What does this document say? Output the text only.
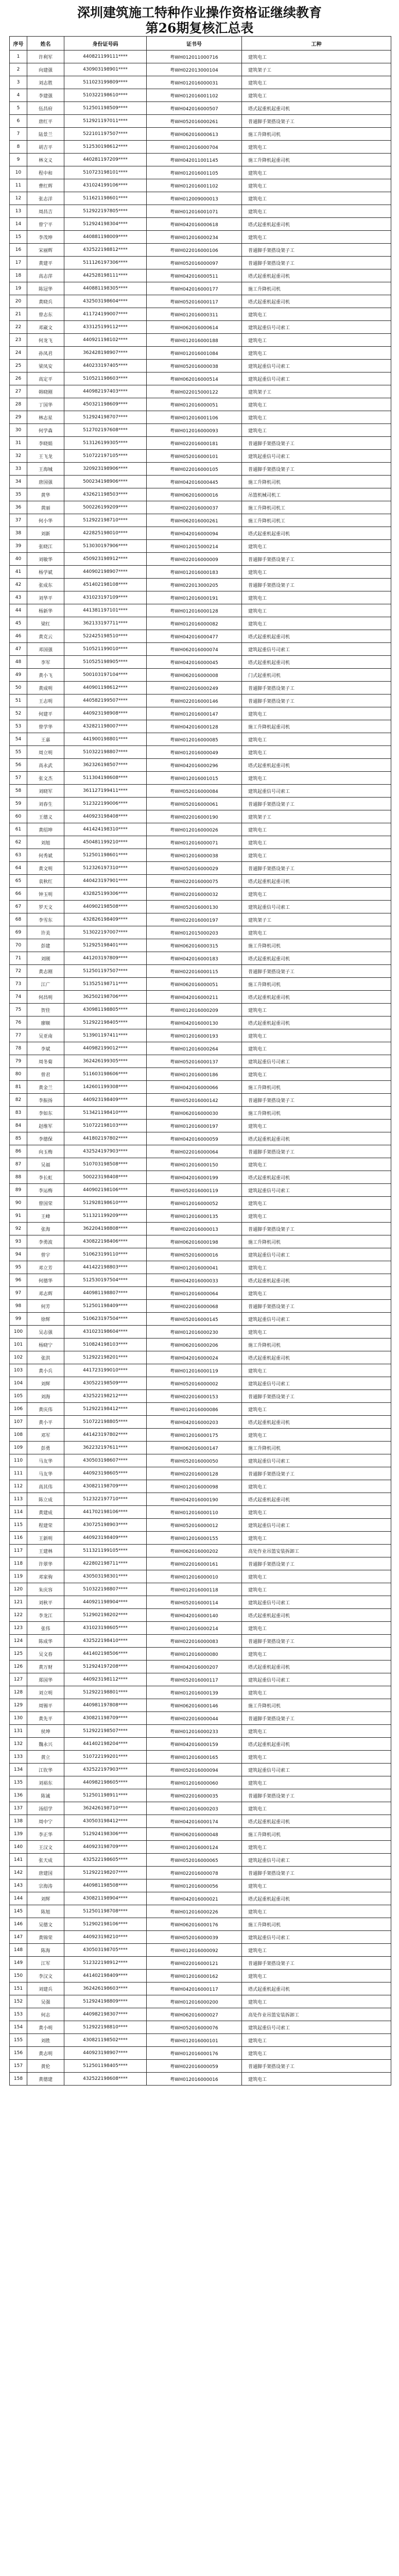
深圳建筑施工特种作业操作资格证继续教育
第26期复核汇总表
序号	姓名	身份证号码	证书号	工种
1	许利军	440821199111****	粤WH012011000716	建筑电工
2	向建强	430903198901****	粤WH022013000104	建筑架子工
3	刘志胜	511023199809****	粤WH012016000031	建筑电工
4	李建强	510322198610****	粤WH012016001102	建筑电工
5	伍昌府	512501198509****	粤WH042016000507	塔式起重机起重司机
6	唐红平	512921197011****	粤WH052016000261	普通脚手架搭设架子工
7	陆景兰	522101197507****	粤WH062016000613	施工升降机司机
8	胡吉平	512530198612****	粤WH012016000704	建筑电工
9	林文义	440281197209****	粤WH042011001145	施工升降机起重司机
10	程中和	510723198101****	粤WH012016001105	建筑电工
11	曹红辉	431024199106****	粤WH012016001102	建筑电工
12	张志洋	511621198601****	粤WH012009000013	建筑电工
13	周昌吉	512922197805****	粤WH012016001071	建筑电工
14	曾宁平	512924198304****	粤WH042016000618	塔式起重机起重司机
15	李茂坤	440881198009****	粤WH012016000234	建筑电工
16	宋丽辉	432522198812****	粤WH022016000106	普通脚手架搭设架子工
17	黄建平	511126197306****	粤WH052016000097	普通脚手架搭设架子工
18	高志萍	442528198111****	粤WH042016000511	塔式起重机起重司机
19	陈冠华	440881198305****	粤WH042016000177	施工升降机司机
20	黄晓兵	432503198604****	粤WH052016000117	塔式起重机起重司机
21	曾志东	411724199007****	粤WH012016000311	建筑电工
22	邓崴文	433125199112****	粤WH062016000614	建筑起重信号司索工
23	何龙飞	440921198102****	粤WH012016000188	建筑电工
24	孙凤君	362428198907****	粤WH012016001084	建筑电工
25	梁凤安	440233197405****	粤WH052016000038	建筑起重信号司索工
26	高定平	510521198603****	粤WH062016000514	建筑起重信号司索工
27	韩晓刚	440982197403****	粤WH022015000122	建筑架子工
28	丁国华	450321198609****	粤WH012016000051	建筑电工
29	林志星	512924198707****	粤WH012016001106	建筑电工
30	何学森	512702197608****	粤WH012016000093	建筑电工
31	李晓娟	513126199305****	粤WH022016000181	普通脚手架搭设架子工
32	王飞龙	510722197105****	粤WH052016000101	建筑起重信号司索工
33	王海城	320923198906****	粤WH022016000105	普通脚手架搭设架子工
34	唐国强	500234198906****	粤WH042016000445	施工升降机司机
35	黄华	432621198503****	粤WH062016000016	吊篮机械司机工
36	黄丽	500226199209****	粤WH022016000037	施工升降机司机工
37	何小华	512922198710****	粤WH062016000261	施工升降机司机工
38	刘新	422825198010****	粤WH042016000094	塔式起重机起重司机
39	张晓江	513030197906****	粤WH012015000214	建筑电工
40	刘敏华	450923198912****	粤WH022016000009	普通脚手架搭设架子工
41	杨学斌	440902198907****	粤WH012016000183	建筑电工
42	张成东	451402198108****	粤WH022013000205	普通脚手架搭设架子工
43	刘华平	431023197109****	粤WH012016000191	建筑电工
44	杨新华	441381197101****	粤WH012016000128	建筑电工
45	梁红	362133197711****	粤WH012016000082	建筑电工
46	黄克云	522425198510****	粤WH042016000477	塔式起重机起重司机
47	邓国强	510521199010****	粤WH062016000074	建筑起重信号司索工
48	李军	510525198905****	粤WH042016000045	塔式起重机起重司机
49	黄小飞	500103197104****	粤WH062016000008	门式起重机司机
50	黄成明	440901198612****	粤WH022016000249	普通脚手架搭设架子工
51	王志明	440582199507****	粤WH022016000146	普通脚手架搭设架子工
52	何建平	440923198908****	粤WH012016000147	建筑电工
53	曾学华	432821198007****	粤WH042016000128	施工升降机起重司机
54	王嘉	441900198801****	粤WH012016000085	建筑电工
55	周立明	510322198807****	粤WH012016000049	建筑电工
56	高永武	362326198507****	粤WH042016000296	塔式起重机起重司机
57	张文杰	511304198608****	粤WH012016001015	建筑电工
58	刘晓军	361127199411****	粤WH052016000084	建筑起重信号司索工
59	刘春生	512322199006****	粤WH052016000061	普通脚手架搭设架子工
60	王德义	440923198408****	粤WH022016000190	建筑架子工
61	黄绍坤	441424198310****	粤WH012016000026	建筑电工
62	刘旭	450481199210****	粤WH012016000071	建筑电工
63	何秀斌	512501198601****	粤WH012016000038	建筑电工
64	黄文明	512326197310****	粤WH052016000029	普通脚手架搭设架子工
65	袁秋红	440423197901****	粤WH022016000075	塔式起重机起重司机
66	钟玉明	432825199306****	粤WH022016000032	建筑电工
67	罗天文	440902198508****	粤WH052016000130	建筑起重信号司索工
68	李雪东	432826198409****	粤WH022016000197	建筑架子工
69	许美	513022197007****	粤WH012015000203	建筑电工
70	彭建	512925198401****	粤WH062016000315	施工升降机司机
71	刘刚	441203197809****	粤WH042016000183	塔式起重机起重司机
72	黄志刚	512501197507****	粤WH022016000115	普通脚手架搭设架子工
73	江广	513525198711****	粤WH062016000051	施工升降机司机
74	何昌明	362502198706****	粤WH042016000211	塔式起重机起重司机
75	贺佳	430981198805****	粤WH012016000209	建筑电工
76	廖顺	512922198405****	粤WH042016000130	塔式起重机起重司机
77	吴亚南	513901197411****	粤WH012016000193	建筑电工
78	李斌	440982199012****	粤WH012016000264	建筑电工
79	周冬菊	362426199305****	粤WH052016000137	建筑起重信号司索工
80	曾君	511603198606****	粤WH012016000186	建筑电工
81	黄金兰	142601199308****	粤WH042016000066	施工升降机司机
82	李振扬	440923198409****	粤WH052016000142	普通脚手架搭设架子工
83	李如东	513421198410****	粤WH062016000030	施工升降机司机
84	赵维军	510722198103****	粤WH012016000197	建筑电工
85	李德保	441802197802****	粤WH042016000059	塔式起重机起重司机
86	向玉梅	432524197903****	粤WH022016000064	普通脚手架搭设架子工
87	吴福	510703198508****	粤WH012016000150	建筑电工
88	李长虹	500223198408****	粤WH042016000199	塔式起重机起重司机
89	李运梅	440902198106****	粤WH052016000119	建筑起重信号司索工
90	曾国荣	512928198610****	粤WH012016000052	建筑电工
91	王峰	511321199209****	粤WH012016000135	建筑电工
92	张海	362204198808****	粤WH022016000013	普通脚手架搭设架子工
93	李勇波	430822198406****	粤WH062016000198	施工升降机司机
94	曾宇	510623199110****	粤WH052016000016	建筑起重信号司索工
95	邓立芳	441422198803****	粤WH012016000041	建筑电工
96	何德华	512530197504****	粤WH042016000033	塔式起重机起重司机
97	邓志辉	440981198807****	粤WH012016000064	建筑电工
98	何芳	512501198409****	粤WH022016000068	普通脚手架搭设架子工
99	徐辉	510623197504****	粤WH052016000145	建筑起重信号司索工
100	吴志强	431023198604****	粤WH012016000230	建筑电工
101	杨晓宁	510824198103****	粤WH062016000206	施工升降机司机
102	张洪	512922198201****	粤WH042016000024	塔式起重机起重司机
103	黄小兵	441723199010****	粤WH012016000119	建筑电工
104	刘辉	430522198509****	粤WH052016000002	建筑起重信号司索工
105	刘海	432522198212****	粤WH022016000153	普通脚手架搭设架子工
106	黄庆伟	512922198412****	粤WH012016000086	建筑电工
107	黄小平	510722198805****	粤WH042016000203	塔式起重机起重司机
108	邓军	441423197802****	粤WH012016000175	建筑电工
109	彭勇	362232197611****	粤WH062016000147	施工升降机司机
110	马友华	430503198607****	粤WH052016000050	建筑起重信号司索工
111	马友华	440923198605****	粤WH022016000128	普通脚手架搭设架子工
112	高其伟	430821198709****	粤WH012016000098	建筑电工
113	陈立成	512322197710****	粤WH042016000190	塔式起重机起重司机
114	黄建成	441702198106****	粤WH012016000110	建筑电工
115	程建荣	430725198903****	粤WH052016000012	建筑起重信号司索工
116	王新明	440923198409****	粤WH012016000155	建筑电工
117	王建林	511321199105****	粤WH062016000202	高处作业吊篮安装拆卸工
118	许翠华	422802198711****	粤WH022016000161	普通脚手架搭设架子工
119	邓家驹	430503198301****	粤WH012016000010	建筑电工
120	朱庆容	510322198807****	粤WH012016000118	建筑电工
121	刘秋平	440921198904****	粤WH052016000114	建筑起重信号司索工
122	李龙江	512902198202****	粤WH042016000140	塔式起重机起重司机
123	张伟	431023198605****	粤WH012016000214	建筑电工
124	陈成华	432522198410****	粤WH022016000083	普通脚手架搭设架子工
125	吴文春	441402198506****	粤WH012016000080	建筑电工
126	黄万财	512924197208****	粤WH042016000207	塔式起重机起重司机
127	郑国华	440923198112****	粤WH052016000117	建筑起重信号司索工
128	刘立明	512922198801****	粤WH012016000139	建筑电工
129	周锡平	440981197808****	粤WH062016000146	施工升降机司机
130	黄先平	430821198709****	粤WH022016000044	普通脚手架搭设架子工
131	侯坤	512922198507****	粤WH012016000233	建筑电工
132	魏永兴	441402198204****	粤WH042016000159	塔式起重机起重司机
133	黄立	510722199201****	粤WH012016000165	建筑电工
134	江钦华	432522197903****	粤WH052016000094	建筑起重信号司索工
135	刘裕东	440982198605****	粤WH012016000060	建筑电工
136	陈诚	512501198911****	粤WH022016000035	普通脚手架搭设架子工
137	汤绍学	362426198710****	粤WH012016000203	建筑电工
138	周中宁	430503198412****	粤WH042016000174	塔式起重机起重司机
139	李正华	512924198306****	粤WH062016000048	施工升降机司机
140	王汉文	440923198709****	粤WH012016000124	建筑电工
141	张天成	432522198605****	粤WH052016000065	建筑起重信号司索工
142	唐建国	512922198207****	粤WH022016000078	普通脚手架搭设架子工
143	宗海涛	440981198508****	粤WH012016000056	建筑电工
144	刘辉	430821198904****	粤WH042016000021	塔式起重机起重司机
145	陈旭	512501198708****	粤WH012016000226	建筑电工
146	吴德文	512902198106****	粤WH062016000176	施工升降机司机
147	黄锦荣	440923198210****	粤WH052016000039	建筑起重信号司索工
148	陈海	430503198705****	粤WH012016000092	建筑电工
149	江军	512322198912****	粤WH022016000121	普通脚手架搭设架子工
150	李汉文	441402198409****	粤WH012016000162	建筑电工
151	刘建兵	362426198603****	粤WH042016000117	塔式起重机起重司机
152	吴强	512924198809****	粤WH012016000200	建筑电工
153	何志	440982198307****	粤WH062016000027	高处作业吊篮安装拆卸工
154	黄小明	512922198810****	粤WH052016000076	建筑起重信号司索工
155	刘胜	430821198502****	粤WH012016000101	建筑电工
156	黄志明	440923198907****	粤WH012016000176	建筑电工
157	黄伦	512501198405****	粤WH022016000059	普通脚手架搭设架子工
158	黄德建	432522198608****	粤WH012016000016	建筑电工
